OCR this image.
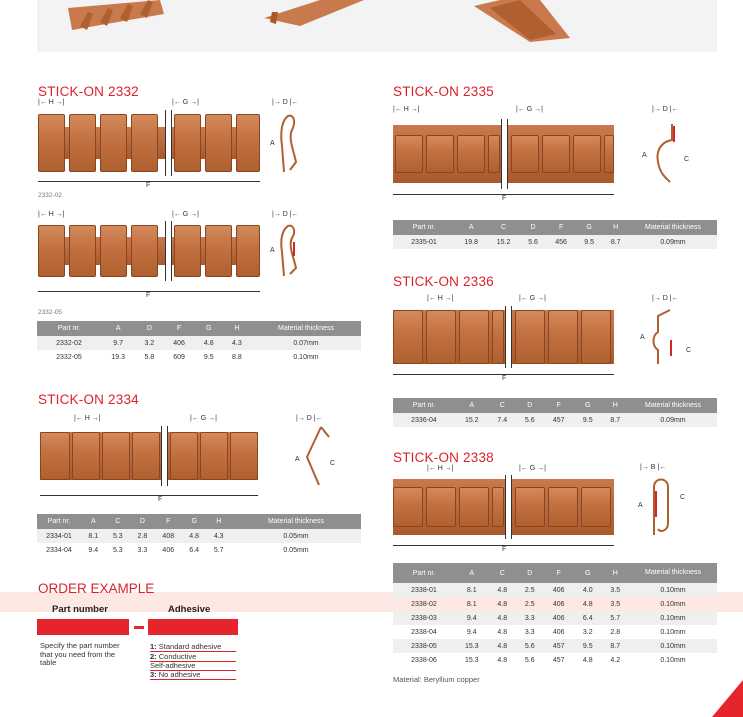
STICK-ON 2332
|← H →|	|← G →|	|→ D |←
A
F
2332-02
|← H →|	|← G →|	|→ D |←
A
F
2332-05
Part nr.	A	D	F	G	H	Material thickness
2332-02	9.7	3.2	406	4.8	4.3	0.07mm
2332-05	19.3	5.8	609	9.5	8.8	0.10mm
STICK-ON 2334
|← H →|	|← G →|	|→ D |←
A
C
F
Part nr.	A	C	D	F	G	H	Material thickness
2334-01	8.1	5.3	2.8	408	4.8	4.3	0.05mm
2334-04	9.4	5.3	3.3	406	6.4	5.7	0.05mm
ORDER EXAMPLE
Part number	Adhesive
Specify the part number that you need from the table
1: Standard adhesive
2: Conductive
Self-adhesive
3: No adhesive
STICK-ON 2335
|← H →|	|← G →|	|→ D |←
A
C
F
Part nr.	A	C	D	F	G	H	Material thickness
2335-01	19.8	15.2	5.6	456	9.5	8.7	0.09mm
STICK-ON 2336
|← H →|	|← G →|	|→ D |←
A
C
F
Part nr.	A	C	D	F	G	H	Material thickness
2336-04	15.2	7.4	5.6	457	9.5	8.7	0.09mm
STICK-ON 2338
|← H →|	|← G →|	|→ B |←
A
C
F
Part nr.	A	C	D	F	G	H	Material thickness
2338-01	8.1	4.8	2.5	406	4.0	3.5	0.10mm
2338-02	8.1	4.8	2.5	406	4.8	3.5	0.10mm
2338-03	9.4	4.8	3.3	406	6.4	5.7	0.10mm
2338-04	9.4	4.8	3.3	406	3.2	2.8	0.10mm
2338-05	15.3	4.8	5.6	457	9.5	8.7	0.10mm
2338-06	15.3	4.8	5.6	457	4.8	4.2	0.10mm
Material: Beryllium copper
